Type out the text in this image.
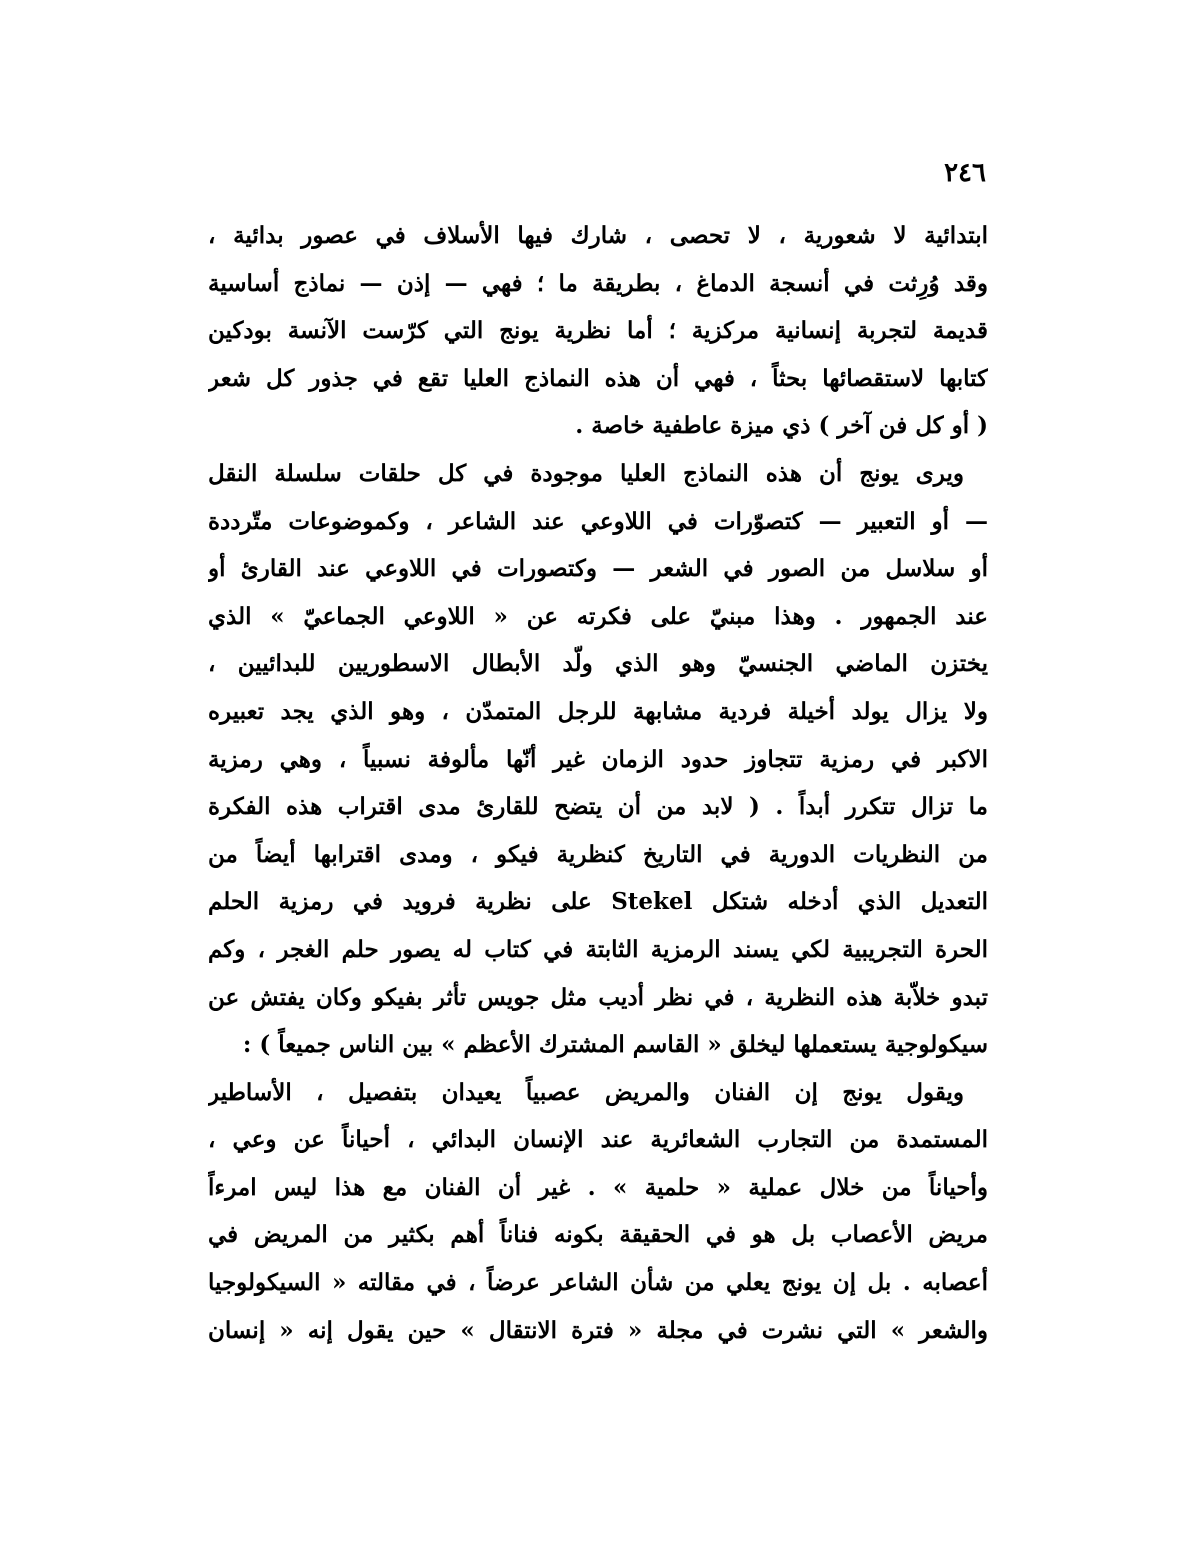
٢٤٦
ابتدائية لا شعورية ، لا تحصى ، شارك فيها الأسلاف في عصور بدائية ،
وقد وُرِثت في أنسجة الدماغ ، بطريقة ما ؛ فهي — إذن — نماذج أساسية
قديمة لتجربة إنسانية مركزية ؛ أما نظرية يونج التي كرّست الآنسة بودكين
كتابها لاستقصائها بحثاً ، فهي أن هذه النماذج العليا تقع في جذور كل شعر
( أو كل فن آخر ) ذي ميزة عاطفية خاصة .
ويرى يونج أن هذه النماذج العليا موجودة في كل حلقات سلسلة النقل
— أو التعبير — كتصوّرات في اللاوعي عند الشاعر ، وكموضوعات متّرددة
أو سلاسل من الصور في الشعر — وكتصورات في اللاوعي عند القارئ أو
عند الجمهور . وهذا مبنيّ على فكرته عن « اللاوعي الجماعيّ » الذي
يختزن الماضي الجنسيّ وهو الذي ولّد الأبطال الاسطوريين للبدائيين ،
ولا يزال يولد أخيلة فردية مشابهة للرجل المتمدّن ، وهو الذي يجد تعبيره
الاكبر في رمزية تتجاوز حدود الزمان غير أنّها مألوفة نسبياً ، وهي رمزية
ما تزال تتكرر أبداً . ( لابد من أن يتضح للقارئ مدى اقتراب هذه الفكرة
من النظريات الدورية في التاريخ كنظرية فيكو ، ومدى اقترابها أيضاً من
التعديل الذي أدخله شتكل Stekel على نظرية فرويد في رمزية الحلم
الحرة التجريبية لكي يسند الرمزية الثابتة في كتاب له يصور حلم الغجر ، وكم
تبدو خلاّبة هذه النظرية ، في نظر أديب مثل جويس تأثر بفيكو وكان يفتش عن
سيكولوجية يستعملها ليخلق « القاسم المشترك الأعظم » بين الناس جميعاً ) :
ويقول يونج إن الفنان والمريض عصبياً يعيدان بتفصيل ، الأساطير
المستمدة من التجارب الشعائرية عند الإنسان البدائي ، أحياناً عن وعي ،
وأحياناً من خلال عملية « حلمية » . غير أن الفنان مع هذا ليس امرءاً
مريض الأعصاب بل هو في الحقيقة بكونه فناناً أهم بكثير من المريض في
أعصابه . بل إن يونج يعلي من شأن الشاعر عرضاً ، في مقالته « السيكولوجيا
والشعر » التي نشرت في مجلة « فترة الانتقال » حين يقول إنه « إنسان
